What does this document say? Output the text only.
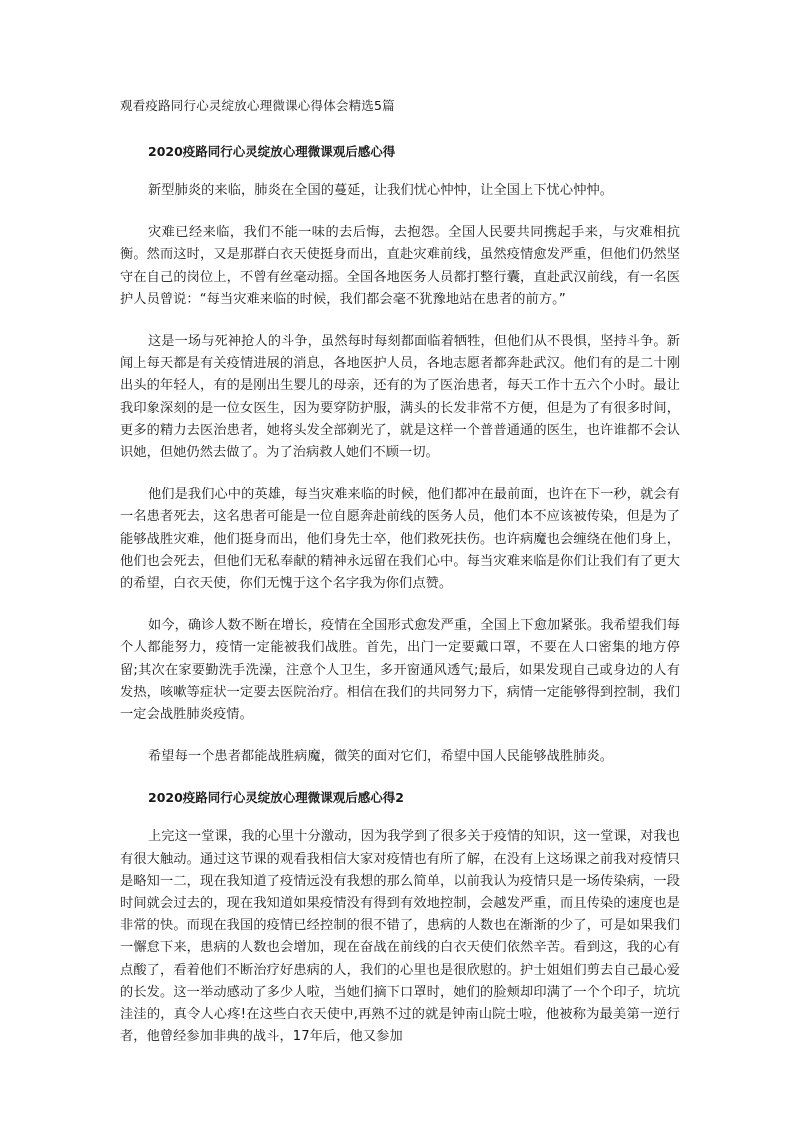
观看疫路同行心灵绽放心理微课心得体会精选5篇
2020疫路同行心灵绽放心理微课观后感心得

新型肺炎的来临，肺炎在全国的蔓延，让我们忧心忡忡，让全国上下忧心忡忡。

灾难已经来临，我们不能一味的去后悔，去抱怨。全国人民要共同携起手来，与灾难相抗衡。然而这时，又是那群白衣天使挺身而出，直赴灾难前线，虽然疫情愈发严重，但他们仍然坚守在自己的岗位上，不曾有丝毫动摇。全国各地医务人员都打整行囊，直赴武汉前线，有一名医护人员曾说：“每当灾难来临的时候，我们都会毫不犹豫地站在患者的前方。”

这是一场与死神抢人的斗争，虽然每时每刻都面临着牺牲，但他们从不畏惧，坚持斗争。新闻上每天都是有关疫情进展的消息，各地医护人员，各地志愿者都奔赴武汉。他们有的是二十刚出头的年轻人，有的是刚出生婴儿的母亲，还有的为了医治患者，每天工作十五六个小时。最让我印象深刻的是一位女医生，因为要穿防护服，满头的长发非常不方便，但是为了有很多时间，更多的精力去医治患者，她将头发全部剃光了，就是这样一个普普通通的医生，也许谁都不会认识她，但她仍然去做了。为了治病救人她们不顾一切。

他们是我们心中的英雄，每当灾难来临的时候，他们都冲在最前面，也许在下一秒，就会有一名患者死去，这名患者可能是一位自愿奔赴前线的医务人员，他们本不应该被传染，但是为了能够战胜灾难，他们挺身而出，他们身先士卒，他们救死扶伤。也许病魔也会缠绕在他们身上，他们也会死去，但他们无私奉献的精神永远留在我们心中。每当灾难来临是你们让我们有了更大的希望，白衣天使，你们无愧于这个名字我为你们点赞。

如今，确诊人数不断在增长，疫情在全国形式愈发严重，全国上下愈加紧张。我希望我们每个人都能努力，疫情一定能被我们战胜。首先，出门一定要戴口罩，不要在人口密集的地方停留;其次在家要勤洗手洗澡，注意个人卫生，多开窗通风透气;最后，如果发现自己或身边的人有发热，咳嗽等症状一定要去医院治疗。相信在我们的共同努力下，病情一定能够得到控制，我们一定会战胜肺炎疫情。

希望每一个患者都能战胜病魔，微笑的面对它们，希望中国人民能够战胜肺炎。

2020疫路同行心灵绽放心理微课观后感心得2

上完这一堂课，我的心里十分激动，因为我学到了很多关于疫情的知识，这一堂课，对我也有很大触动。通过这节课的观看我相信大家对疫情也有所了解，在没有上这场课之前我对疫情只是略知一二，现在我知道了疫情远没有我想的那么简单，以前我认为疫情只是一场传染病，一段时间就会过去的，现在我知道如果疫情没有得到有效地控制，会越发严重，而且传染的速度也是非常的快。而现在我国的疫情已经控制的很不错了，患病的人数也在渐渐的少了，可是如果我们一懈怠下来，患病的人数也会增加，现在奋战在前线的白衣天使们依然辛苦。看到这，我的心有点酸了，看着他们不断治疗好患病的人，我们的心里也是很欣慰的。护士姐姐们剪去自己最心爱的长发。这一举动感动了多少人啦，当她们摘下口罩时，她们的脸颊却印满了一个个印子，坑坑洼洼的，真令人心疼!在这些白衣天使中,再熟不过的就是钟南山院士啦，他被称为最美第一逆行者，他曾经参加非典的战斗，17年后，他又参加
